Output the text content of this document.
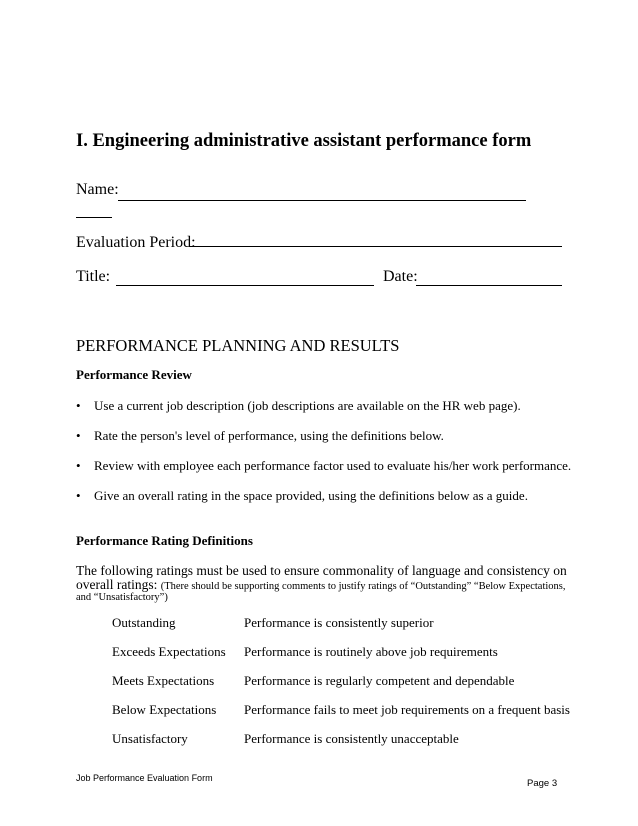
I. Engineering administrative assistant performance form
Name:
Evaluation Period:
Title:	Date:
PERFORMANCE PLANNING AND RESULTS
Performance Review
• Use a current job description (job descriptions are available on the HR web page).
• Rate the person's level of performance, using the definitions below.
• Review with employee each performance factor used to evaluate his/her work performance.
• Give an overall rating in the space provided, using the definitions below as a guide.
Performance Rating Definitions
The following ratings must be used to ensure commonality of language and consistency on
overall ratings: (There should be supporting comments to justify ratings of “Outstanding” “Below Expectations,
and “Unsatisfactory”)
Outstanding	Performance is consistently superior
Exceeds Expectations Performance is routinely above job requirements
Meets Expectations Performance is regularly competent and dependable
Below Expectations Performance fails to meet job requirements on a frequent basis
Unsatisfactory	Performance is consistently unacceptable
Job Performance Evaluation Form	Page 3
